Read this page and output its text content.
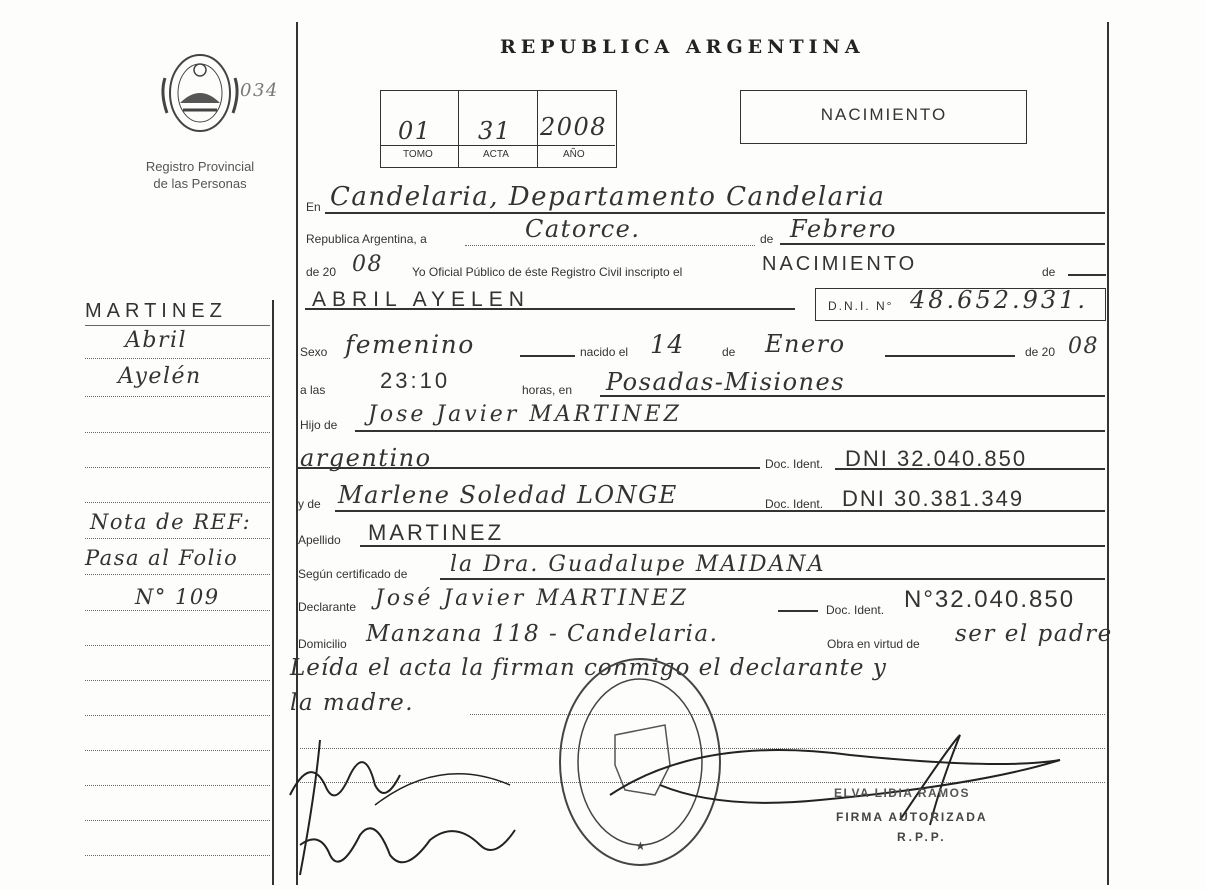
034
Registro Provincial
de las Personas
REPUBLICA ARGENTINA
01 31 2008
TOMO	ACTA	AÑO
NACIMIENTO
En Candelaria, Departamento Candelaria
Republica Argentina, a	Catorce.	de Febrero
de 20 08 Yo Oficial Público de éste Registro Civil inscripto el	NACIMIENTO	de
ABRIL AYELEN	D.N.I. N° 48.652.931.
Sexo femenino	nacido el 14	de Enero	de 20 08
a las 23:10	horas, en Posadas-Misiones
Hijo de Jose Javier MARTINEZ
argentino	Doc. Ident. DNI 32.040.850
y de Marlene Soledad LONGE	Doc. Ident. DNI 30.381.349
Apellido MARTINEZ
Según certificado de la Dra. Guadalupe MAIDANA
Declarante José Javier MARTINEZ	Doc. Ident. N°32.040.850
Domicilio Manzana 118 - Candelaria.	Obra en virtud de ser el padre
Leída el acta la firman conmigo el declarante y
la madre.
MARTINEZ
Abril
Ayelén
Nota de REF:
Pasa al Folio
N° 109
★
ELVA LIDIA RAMOS
FIRMA AUTORIZADA
R.P.P.
